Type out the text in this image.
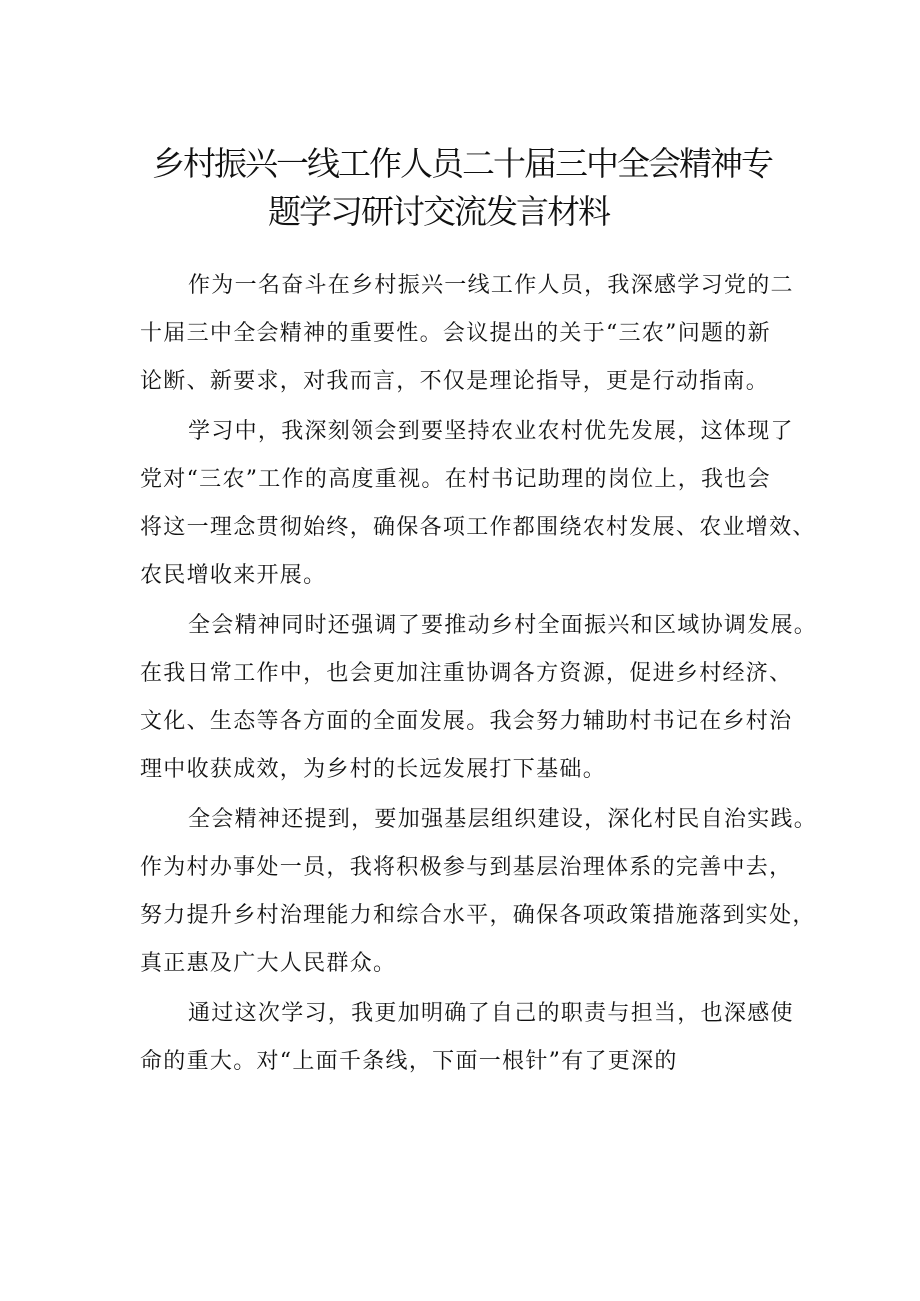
乡村振兴一线工作人员二十届三中全会精神专
题学习研讨交流发言材料

作为一名奋斗在乡村振兴一线工作人员，我深感学习党的二
十届三中全会精神的重要性。会议提出的关于“三农”问题的新
论断、新要求，对我而言，不仅是理论指导，更是行动指南。

学习中，我深刻领会到要坚持农业农村优先发展，这体现了
党对“三农”工作的高度重视。在村书记助理的岗位上，我也会
将这一理念贯彻始终，确保各项工作都围绕农村发展、农业增效、
农民增收来开展。

全会精神同时还强调了要推动乡村全面振兴和区域协调发展。
在我日常工作中，也会更加注重协调各方资源，促进乡村经济、
文化、生态等各方面的全面发展。我会努力辅助村书记在乡村治
理中收获成效，为乡村的长远发展打下基础。

全会精神还提到，要加强基层组织建设，深化村民自治实践。
作为村办事处一员，我将积极参与到基层治理体系的完善中去，
努力提升乡村治理能力和综合水平，确保各项政策措施落到实处，
真正惠及广大人民群众。

通过这次学习，我更加明确了自己的职责与担当，也深感使
命的重大。对“上面千条线，下面一根针”有了更深的
